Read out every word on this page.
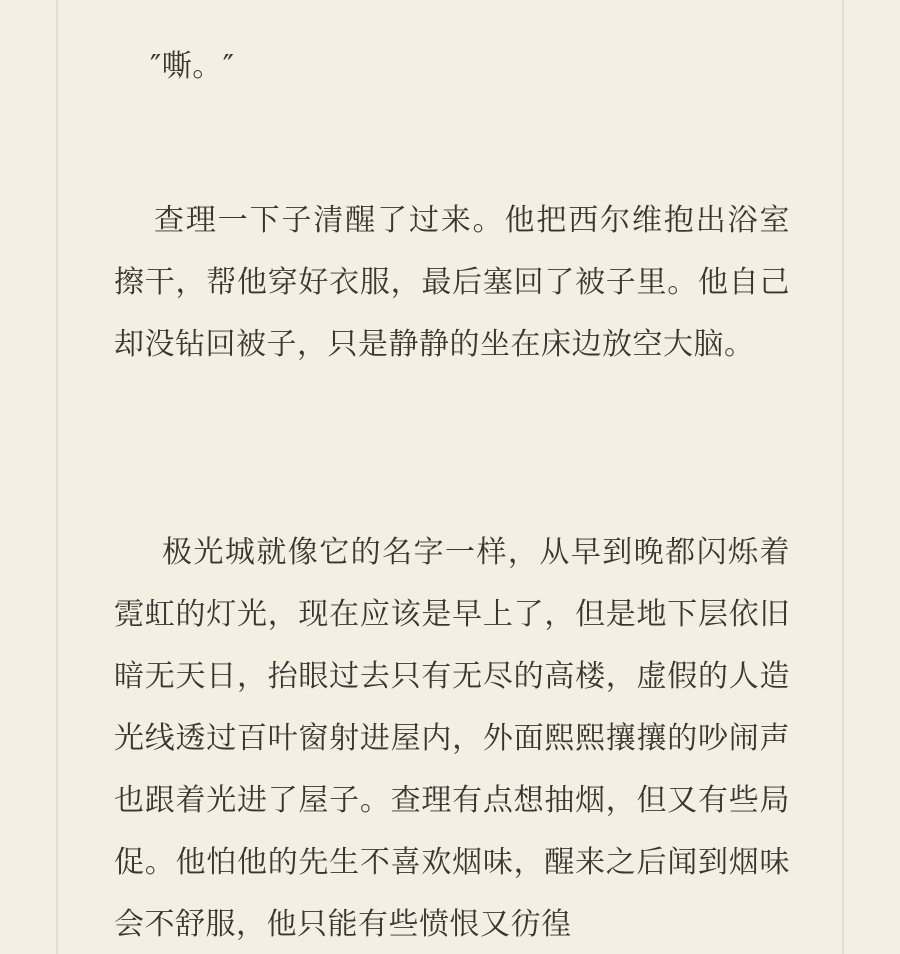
″嘶。″

查理一下子清醒了过来。他把西尔维抱出浴室擦干，帮他穿好衣服，最后塞回了被子里。他自己却没钻回被子，只是静静的坐在床边放空大脑。

极光城就像它的名字一样，从早到晚都闪烁着霓虹的灯光，现在应该是早上了，但是地下层依旧暗无天日，抬眼过去只有无尽的高楼，虚假的人造光线透过百叶窗射进屋内，外面熙熙攘攘的吵闹声也跟着光进了屋子。查理有点想抽烟，但又有些局促。他怕他的先生不喜欢烟味，醒来之后闻到烟味会不舒服，他只能有些愤恨又彷徨
